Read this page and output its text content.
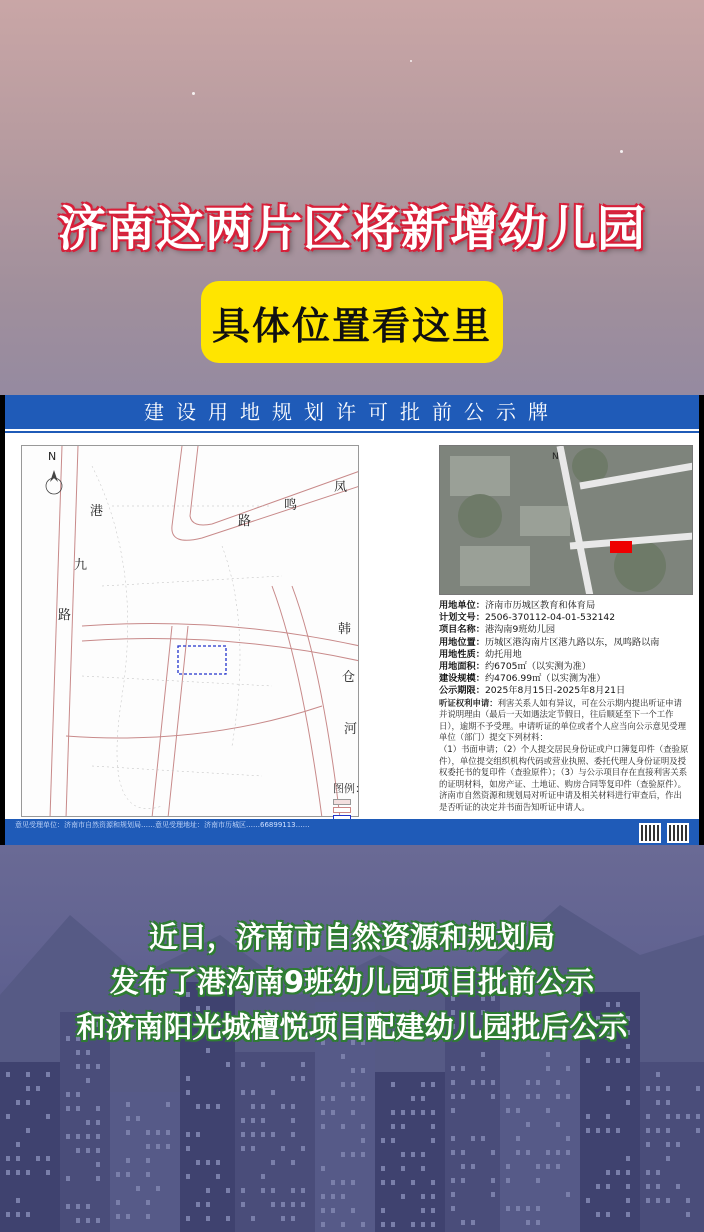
济南这两片区将新增幼儿园
具体位置看这里
建设用地规划许可批前公示牌
N
港
九
路
凤
鸣
路
韩
仓
河
图例：
N
用地单位：济南市历城区教育和体育局
计划文号：2506-370112-04-01-532142
项目名称：港沟南9班幼儿园
用地位置：历城区港沟南片区港九路以东，凤鸣路以南
用地性质：幼托用地
用地面积：约6705㎡（以实测为准）
建设规模：约4706.99㎡（以实测为准）
公示期限：2025年8月15日-2025年8月21日
听证权利申请：利害关系人如有异议，可在公示期内提出听证申请并说明理由（最后一天如遇法定节假日，往后顺延至下一个工作日），逾期不予受理。申请听证的单位或者个人应当向公示意见受理单位（部门）提交下列材料：
（1）书面申请；（2）个人提交居民身份证或户口簿复印件（查验原件），单位提交组织机构代码或营业执照、委托代理人身份证明及授权委托书的复印件（查验原件）；（3）与公示项目存在直接利害关系的证明材料，如房产证、土地证、购房合同等复印件（查验原件）。济南市自然资源和规划局对听证申请及相关材料进行审查后，作出是否听证的决定并书面告知听证申请人。
意见受理单位：济南市自然资源和规划局……意见受理地址：济南市历城区……66899113……
近日，济南市自然资源和规划局
发布了港沟南9班幼儿园项目批前公示
和济南阳光城檀悦项目配建幼儿园批后公示
